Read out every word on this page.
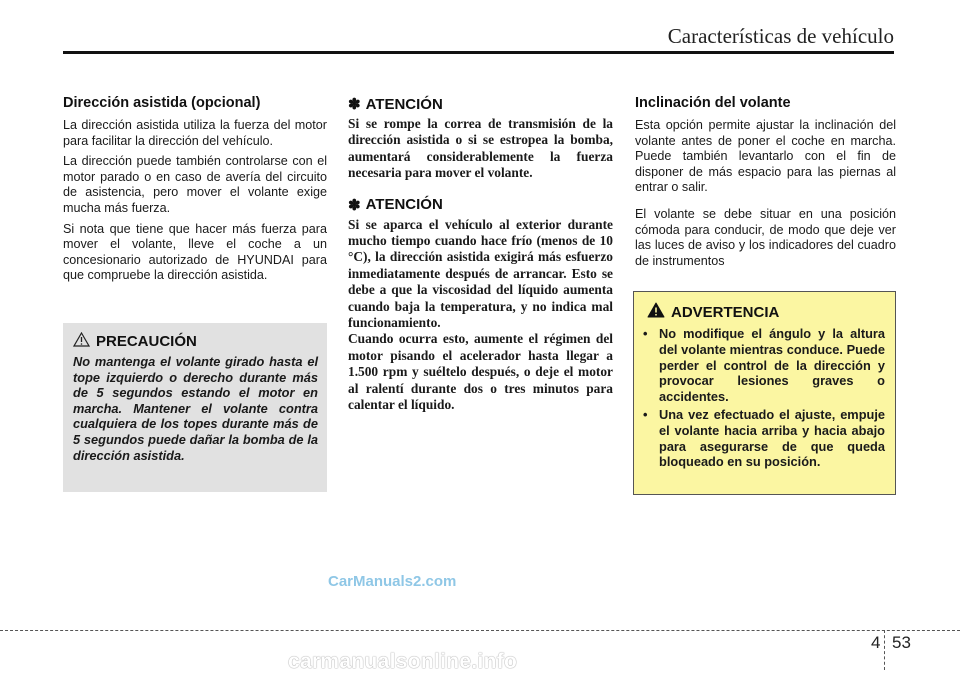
Características de vehículo
Dirección asistida (opcional)

La dirección asistida utiliza la fuerza del motor para facilitar la dirección del vehículo.

La dirección puede también controlarse con el motor parado o en caso de avería del circuito de asistencia, pero mover el volante exige mucha más fuerza.

Si nota que tiene que hacer más fuerza para mover el volante, lleve el coche a un concesionario autorizado de HYUNDAI para que compruebe la dirección asistida.

PRECAUCIÓN

No mantenga el volante girado hasta el tope izquierdo o derecho durante más de 5 segundos estando el motor en marcha. Mantener el volante contra cualquiera de los topes durante más de 5 segundos puede dañar la bomba de la dirección asistida.

✽ ATENCIÓN

Si se rompe la correa de transmisión de la dirección asistida o si se estropea la bomba, aumentará considerablemente la fuerza necesaria para mover el volante.

✽ ATENCIÓN

Si se aparca el vehículo al exterior durante mucho tiempo cuando hace frío (menos de 10 °C), la dirección asistida exigirá más esfuerzo inmediatamente después de arrancar. Esto se debe a que la viscosidad del líquido aumenta cuando baja la temperatura, y no indica mal funcionamiento.

Cuando ocurra esto, aumente el régimen del motor pisando el acelerador hasta llegar a 1.500 rpm y suéltelo después, o deje el motor al ralentí durante dos o tres minutos para calentar el líquido.

Inclinación del volante

Esta opción permite ajustar la inclinación del volante antes de poner el coche en marcha. Puede también levantarlo con el fin de disponer de más espacio para las piernas al entrar o salir.

El volante se debe situar en una posición cómoda para conducir, de modo que deje ver las luces de aviso y los indicadores del cuadro de instrumentos

ADVERTENCIA
• No modifique el ángulo y la altura del volante mientras conduce. Puede perder el control de la dirección y provocar lesiones graves o accidentes.
• Una vez efectuado el ajuste, empuje el volante hacia arriba y hacia abajo para asegurarse de que queda bloqueado en su posición.
CarManuals2.com
4 53
carmanualsonline.info
